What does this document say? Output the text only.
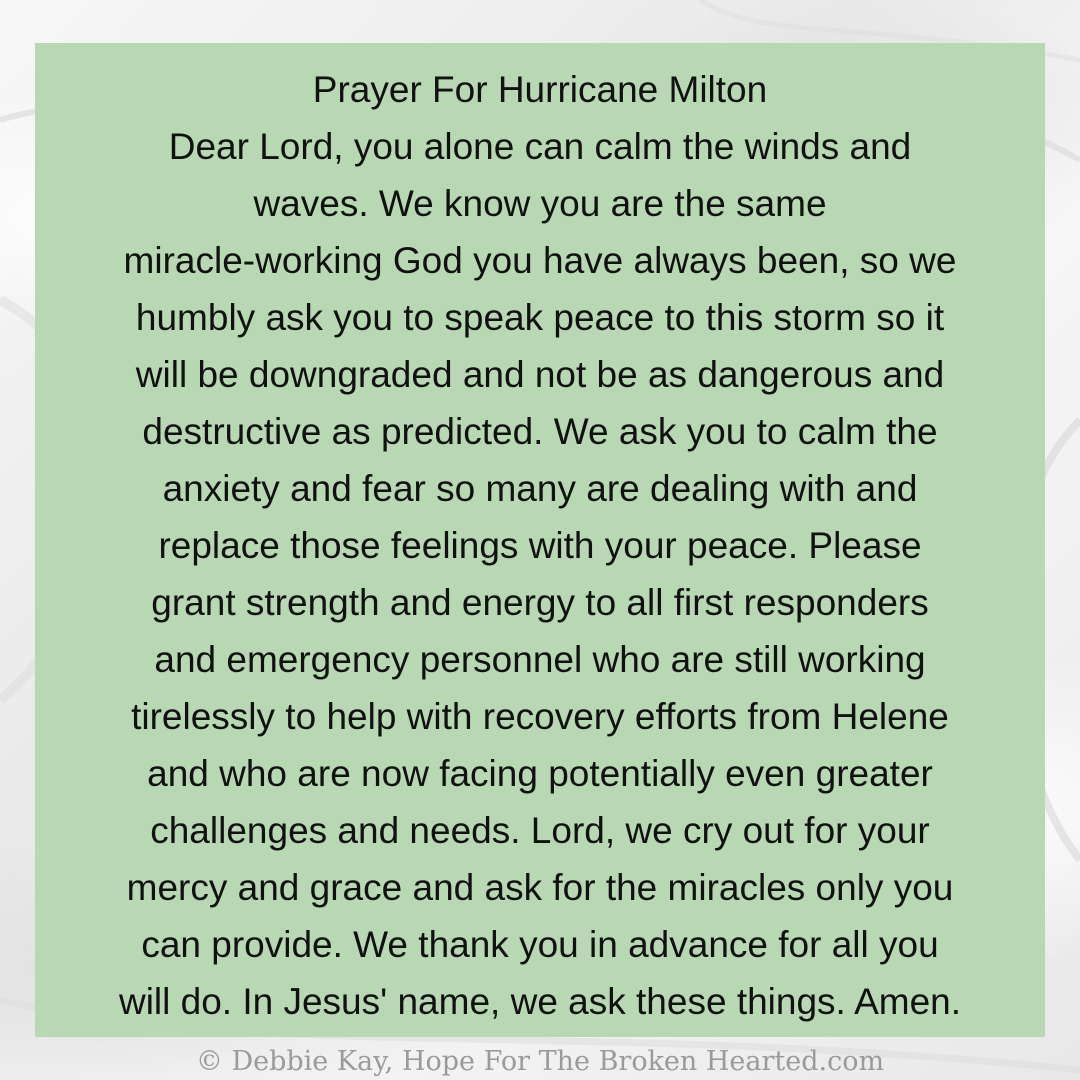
Prayer For Hurricane Milton
Dear Lord, you alone can calm the winds and
waves. We know you are the same
miracle-working God you have always been, so we
humbly ask you to speak peace to this storm so it
will be downgraded and not be as dangerous and
destructive as predicted. We ask you to calm the
anxiety and fear so many are dealing with and
replace those feelings with your peace. Please
grant strength and energy to all first responders
and emergency personnel who are still working
tirelessly to help with recovery efforts from Helene
and who are now facing potentially even greater
challenges and needs. Lord, we cry out for your
mercy and grace and ask for the miracles only you
can provide. We thank you in advance for all you
will do. In Jesus' name, we ask these things. Amen.
© Debbie Kay, Hope For The Broken Hearted.com
